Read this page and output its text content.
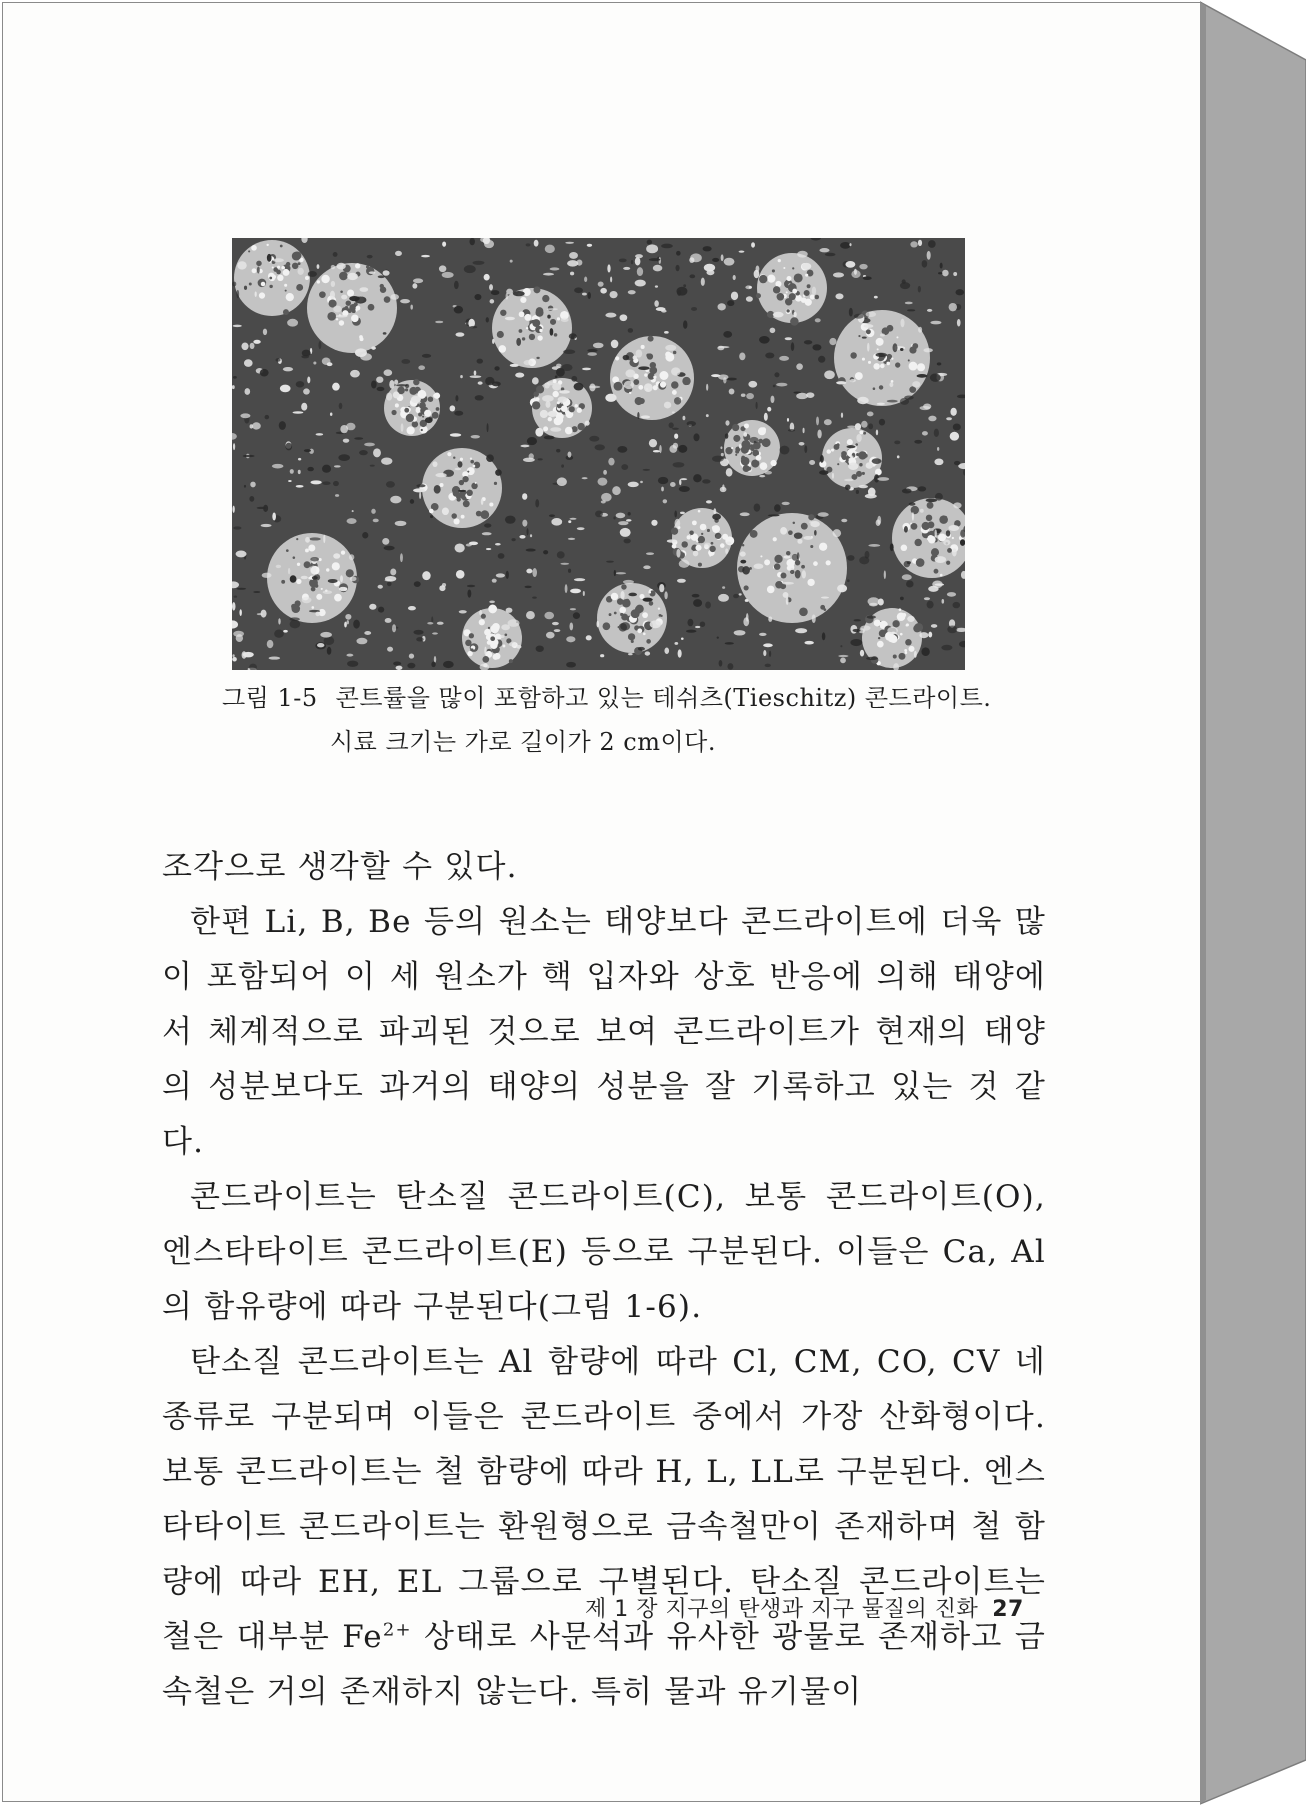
그림 1-5 콘트률을 많이 포함하고 있는 테쉬츠(Tieschitz) 콘드라이트.
시료 크기는 가로 길이가 2 cm이다.

조각으로 생각할 수 있다.

한편 Li, B, Be 등의 원소는 태양보다 콘드라이트에 더욱 많이 포함되어 이 세 원소가 핵 입자와 상호 반응에 의해 태양에서 체계적으로 파괴된 것으로 보여 콘드라이트가 현재의 태양의 성분보다도 과거의 태양의 성분을 잘 기록하고 있는 것 같다.

콘드라이트는 탄소질 콘드라이트(C), 보통 콘드라이트(O), 엔스타타이트 콘드라이트(E) 등으로 구분된다. 이들은 Ca, Al의 함유량에 따라 구분된다(그림 1-6).

탄소질 콘드라이트는 Al 함량에 따라 Cl, CM, CO, CV 네 종류로 구분되며 이들은 콘드라이트 중에서 가장 산화형이다. 보통 콘드라이트는 철 함량에 따라 H, L, LL로 구분된다. 엔스타타이트 콘드라이트는 환원형으로 금속철만이 존재하며 철 함량에 따라 EH, EL 그룹으로 구별된다. 탄소질 콘드라이트는 철은 대부분 $Fe^{2+}$ 상태로 사문석과 유사한 광물로 존재하고 금속철은 거의 존재하지 않는다. 특히 물과 유기물이

제 1 장 지구의 탄생과 지구 물질의 진화 27
